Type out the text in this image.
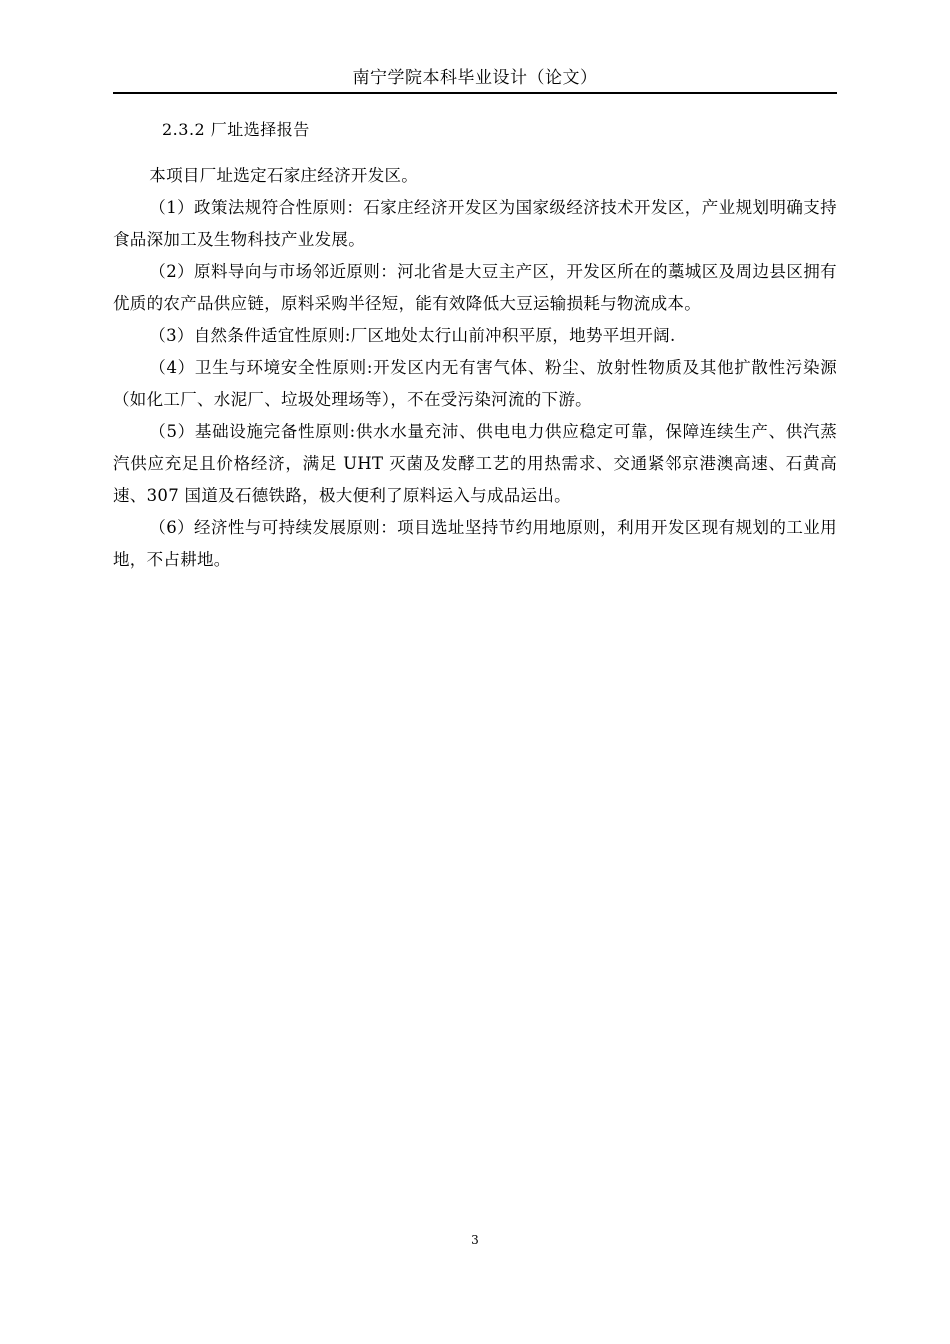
南宁学院本科毕业设计（论文）
2.3.2 厂址选择报告

本项目厂址选定石家庄经济开发区。

（1）政策法规符合性原则：石家庄经济开发区为国家级经济技术开发区，产业规划明确支持食品深加工及生物科技产业发展。

（2）原料导向与市场邻近原则：河北省是大豆主产区，开发区所在的藁城区及周边县区拥有优质的农产品供应链，原料采购半径短，能有效降低大豆运输损耗与物流成本。

（3）自然条件适宜性原则:厂区地处太行山前冲积平原，地势平坦开阔.

（4）卫生与环境安全性原则:开发区内无有害气体、粉尘、放射性物质及其他扩散性污染源（如化工厂、水泥厂、垃圾处理场等），不在受污染河流的下游。

（5）基础设施完备性原则:供水水量充沛、供电电力供应稳定可靠，保障连续生产、供汽蒸汽供应充足且价格经济，满足 UHT 灭菌及发酵工艺的用热需求、交通紧邻京港澳高速、石黄高速、307 国道及石德铁路，极大便利了原料运入与成品运出。

（6）经济性与可持续发展原则：项目选址坚持节约用地原则，利用开发区现有规划的工业用地，不占耕地。

3
